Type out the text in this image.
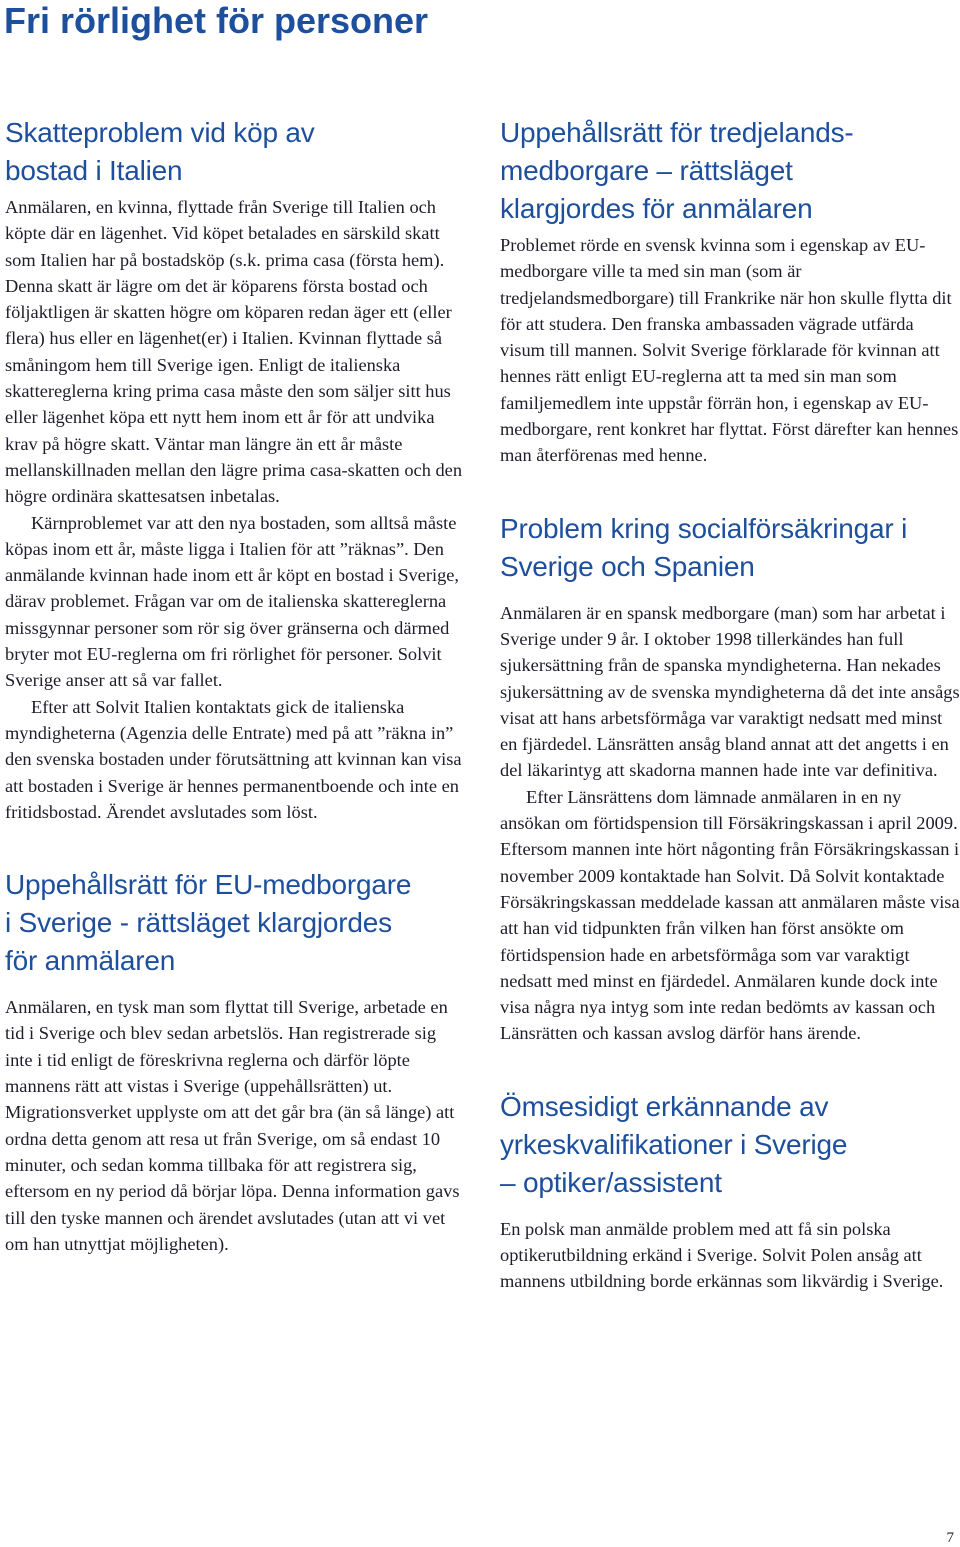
Fri rörlighet för personer
Skatteproblem vid köp av
bostad i Italien

Anmälaren, en kvinna, flyttade från Sverige till Italien och köpte där en lägenhet. Vid köpet betalades en särskild skatt som Italien har på bostadsköp (s.k. prima casa (första hem). Denna skatt är lägre om det är köparens första bostad och följaktligen är skatten högre om köparen redan äger ett (eller flera) hus eller en lägenhet(er) i Italien. Kvinnan flyttade så småningom hem till Sverige igen. Enligt de italienska skattereglerna kring prima casa måste den som säljer sitt hus eller lägenhet köpa ett nytt hem inom ett år för att undvika krav på högre skatt. Väntar man längre än ett år måste mellanskillnaden mellan den lägre prima casa-skatten och den högre ordinära skattesatsen inbetalas.

Kärnproblemet var att den nya bostaden, som alltså måste köpas inom ett år, måste ligga i Italien för att ”räknas”. Den anmälande kvinnan hade inom ett år köpt en bostad i Sverige, därav problemet. Frågan var om de italienska skattereglerna missgynnar personer som rör sig över gränserna och därmed bryter mot EU-reglerna om fri rörlighet för personer. Solvit Sverige anser att så var fallet.

Efter att Solvit Italien kontaktats gick de italienska myndigheterna (Agenzia delle Entrate) med på att ”räkna in” den svenska bostaden under förutsättning att kvinnan kan visa att bostaden i Sverige är hennes permanentboende och inte en fritidsbostad. Ärendet avslutades som löst.

Uppehållsrätt för EU-medborgare
i Sverige - rättsläget klargjordes
för anmälaren

Anmälaren, en tysk man som flyttat till Sverige, arbetade en tid i Sverige och blev sedan arbetslös. Han registrerade sig inte i tid enligt de föreskrivna reglerna och därför löpte mannens rätt att vistas i Sverige (uppehållsrätten) ut. Migrationsverket upplyste om att det går bra (än så länge) att ordna detta genom att resa ut från Sverige, om så endast 10 minuter, och sedan komma tillbaka för att registrera sig, eftersom en ny period då börjar löpa. Denna information gavs till den tyske mannen och ärendet avslutades (utan att vi vet om han utnyttjat möjligheten).

Uppehållsrätt för tredjelands-
medborgare – rättsläget
klargjordes för anmälaren

Problemet rörde en svensk kvinna som i egenskap av EU-medborgare ville ta med sin man (som är tredjelandsmedborgare) till Frankrike när hon skulle flytta dit för att studera. Den franska ambassaden vägrade utfärda visum till mannen. Solvit Sverige förklarade för kvinnan att hennes rätt enligt EU-reglerna att ta med sin man som familjemedlem inte uppstår förrän hon, i egenskap av EU-medborgare, rent konkret har flyttat. Först därefter kan hennes man återförenas med henne.

Problem kring socialförsäkringar i
Sverige och Spanien

Anmälaren är en spansk medborgare (man) som har arbetat i Sverige under 9 år. I oktober 1998 tillerkändes han full sjukersättning från de spanska myndigheterna. Han nekades sjukersättning av de svenska myndigheterna då det inte ansågs visat att hans arbetsförmåga var varaktigt nedsatt med minst en fjärdedel. Länsrätten ansåg bland annat att det angetts i en del läkarintyg att skadorna mannen hade inte var definitiva.

Efter Länsrättens dom lämnade anmälaren in en ny ansökan om förtidspension till Försäkringskassan i april 2009. Eftersom mannen inte hört någonting från Försäkringskassan i november 2009 kontaktade han Solvit. Då Solvit kontaktade Försäkringskassan meddelade kassan att anmälaren måste visa att han vid tidpunkten från vilken han först ansökte om förtidspension hade en arbetsförmåga som var varaktigt nedsatt med minst en fjärdedel. Anmälaren kunde dock inte visa några nya intyg som inte redan bedömts av kassan och Länsrätten och kassan avslog därför hans ärende.

Ömsesidigt erkännande av
yrkeskvalifikationer i Sverige
– optiker/assistent

En polsk man anmälde problem med att få sin polska optikerutbildning erkänd i Sverige. Solvit Polen ansåg att mannens utbildning borde erkännas som likvärdig i Sverige.

7
